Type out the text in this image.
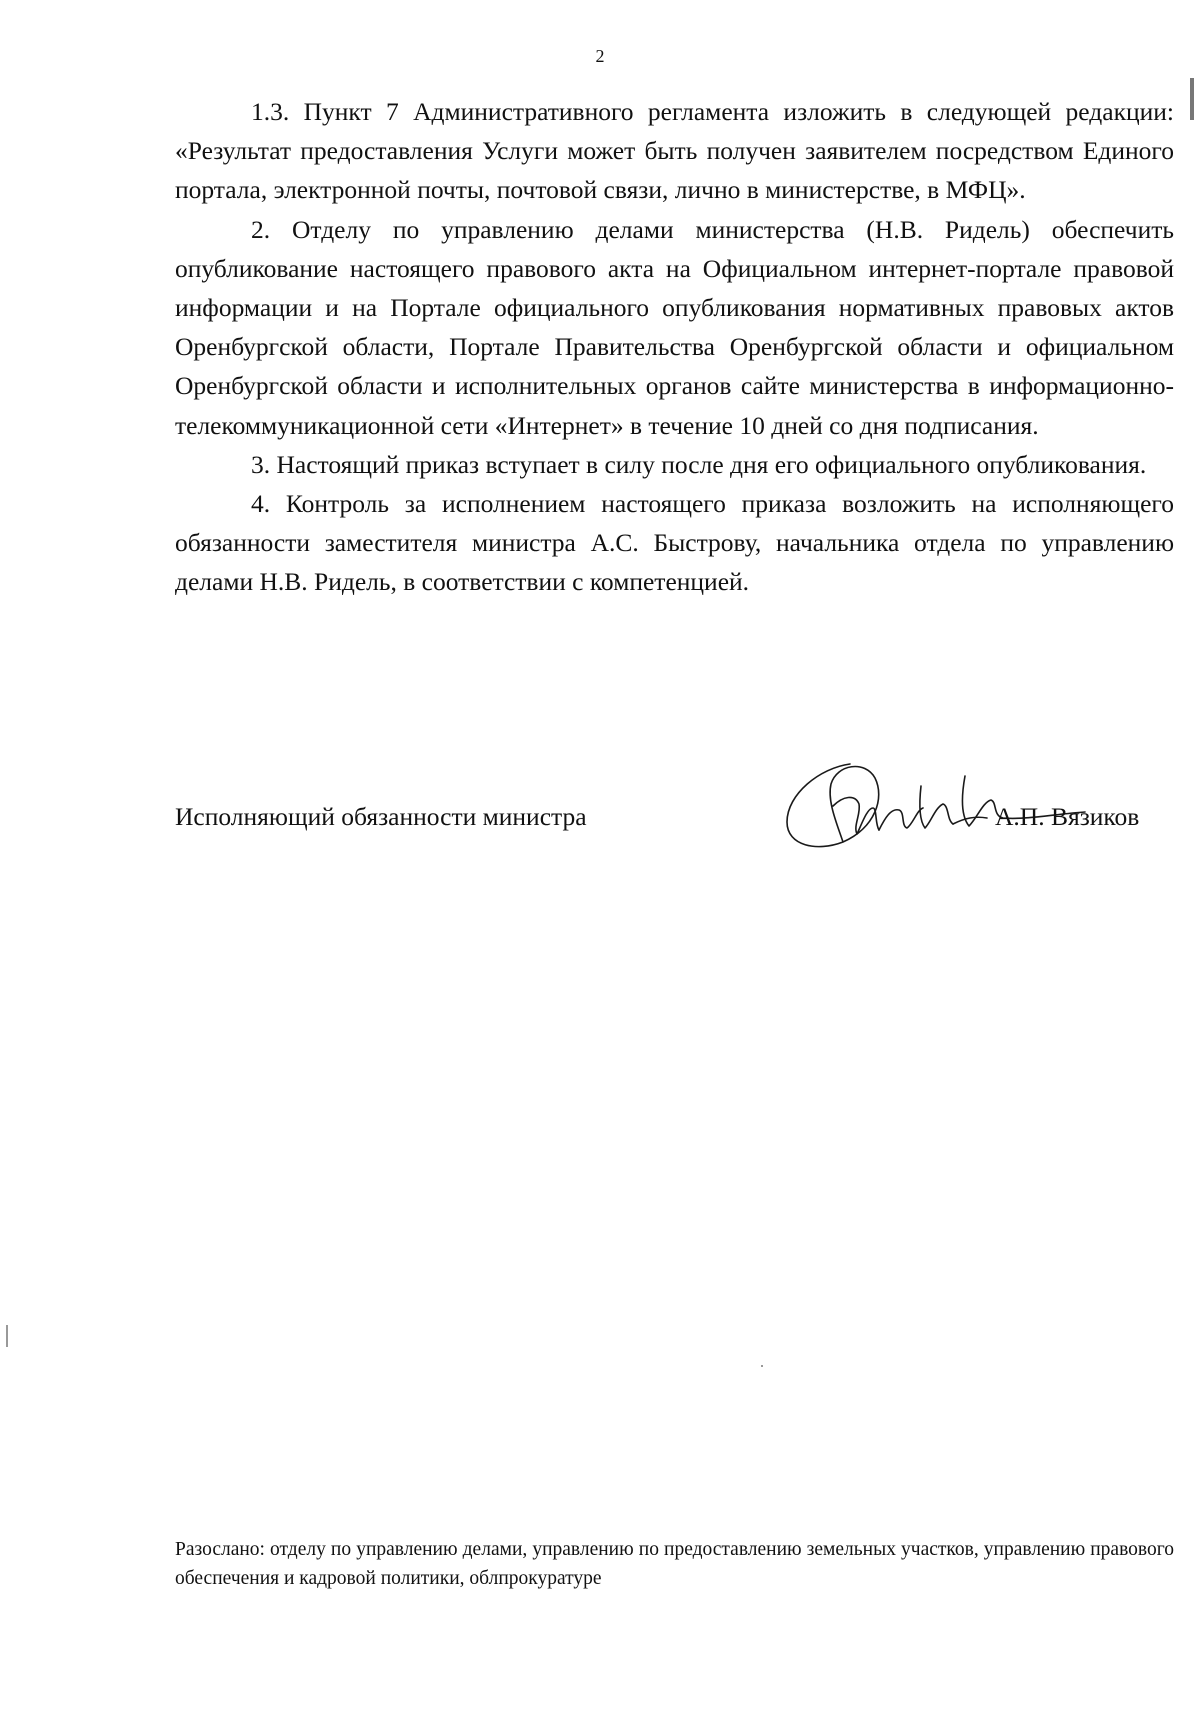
2

1.3. Пункт 7 Административного регламента изложить в следующей редакции: «Результат предоставления Услуги может быть получен заявителем посредством Единого портала, электронной почты, почтовой связи, лично в министерстве, в МФЦ».

2. Отделу по управлению делами министерства (Н.В. Ридель) обеспечить опубликование настоящего правового акта на Официальном интернет-портале правовой информации и на Портале официального опубликования нормативных правовых актов Оренбургской области, Портале Правительства Оренбургской области и официальном Оренбургской области и исполнительных органов сайте министерства в информационно-телекоммуникационной сети «Интернет» в течение 10 дней со дня подписания.

3. Настоящий приказ вступает в силу после дня его официального опубликования.

4. Контроль за исполнением настоящего приказа возложить на исполняющего обязанности заместителя министра А.С. Быстрову, начальника отдела по управлению делами Н.В. Ридель, в соответствии с компетенцией.

Исполняющий обязанности министра	А.П. Вязиков
Разослано: отделу по управлению делами, управлению по предоставлению земельных участков, управлению правового обеспечения и кадровой политики, облпрокуратуре
